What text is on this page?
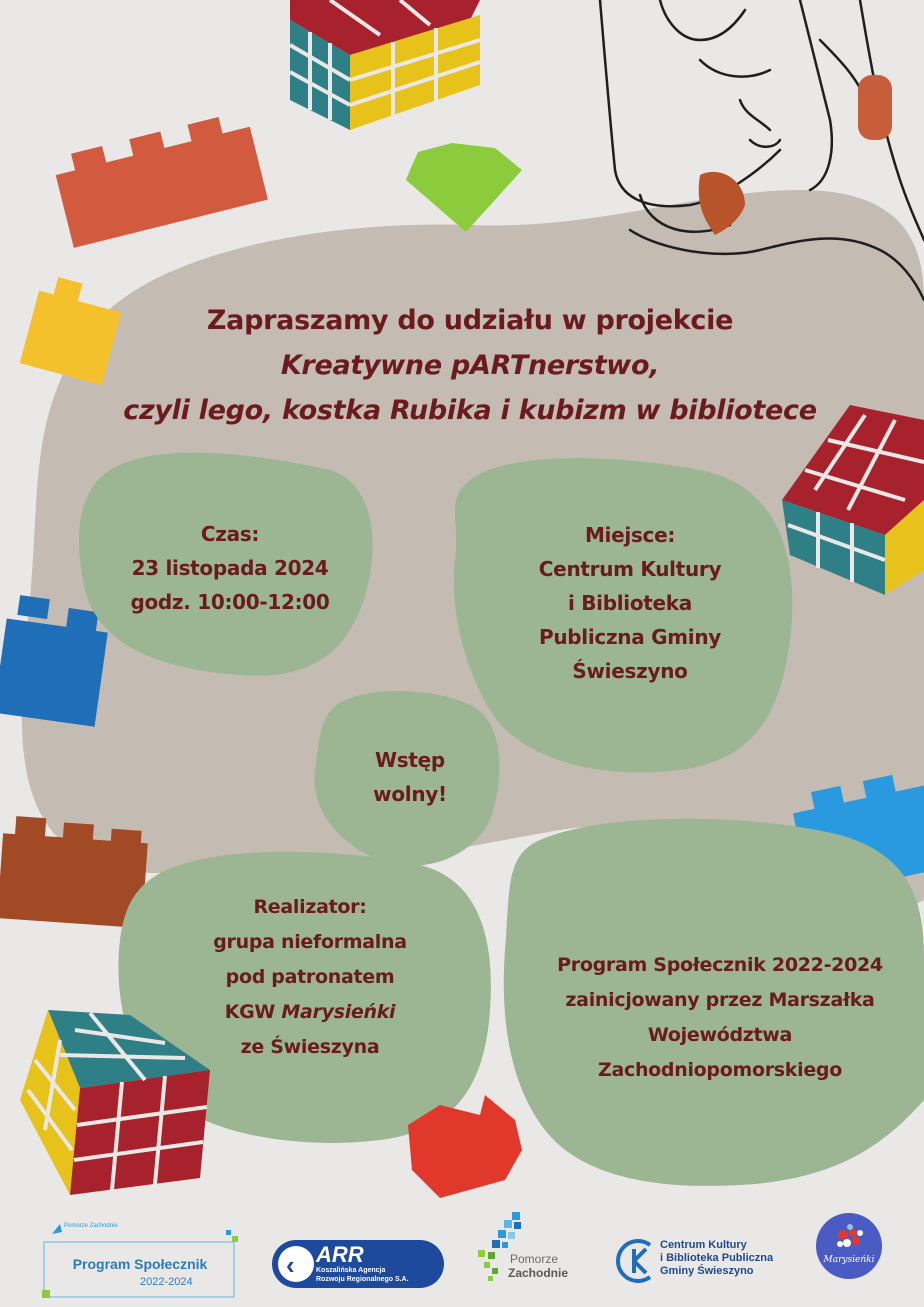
Zapraszamy do udziału w projekcie
Kreatywne pARTnerstwo,
czyli lego, kostka Rubika i kubizm w bibliotece
Czas:
23 listopada 2024
godz. 10:00-12:00
Miejsce:
Centrum Kultury
i Biblioteka
Publiczna Gminy
Świeszyno
Wstęp
wolny!
Realizator:
grupa nieformalna
pod patronatem
KGW Marysieńki
ze Świeszyna
Program Społecznik 2022-2024
zainicjowany przez Marszałka
Województwa
Zachodniopomorskiego
Pomorze Zachodnie
Program Społecznik
2022-2024
‹ ARR
Koszalińska Agencja
Rozwoju Regionalnego S.A.
Pomorze
Zachodnie
Centrum Kultury
i Biblioteka Publiczna
Gminy Świeszyno
Marysieńki
